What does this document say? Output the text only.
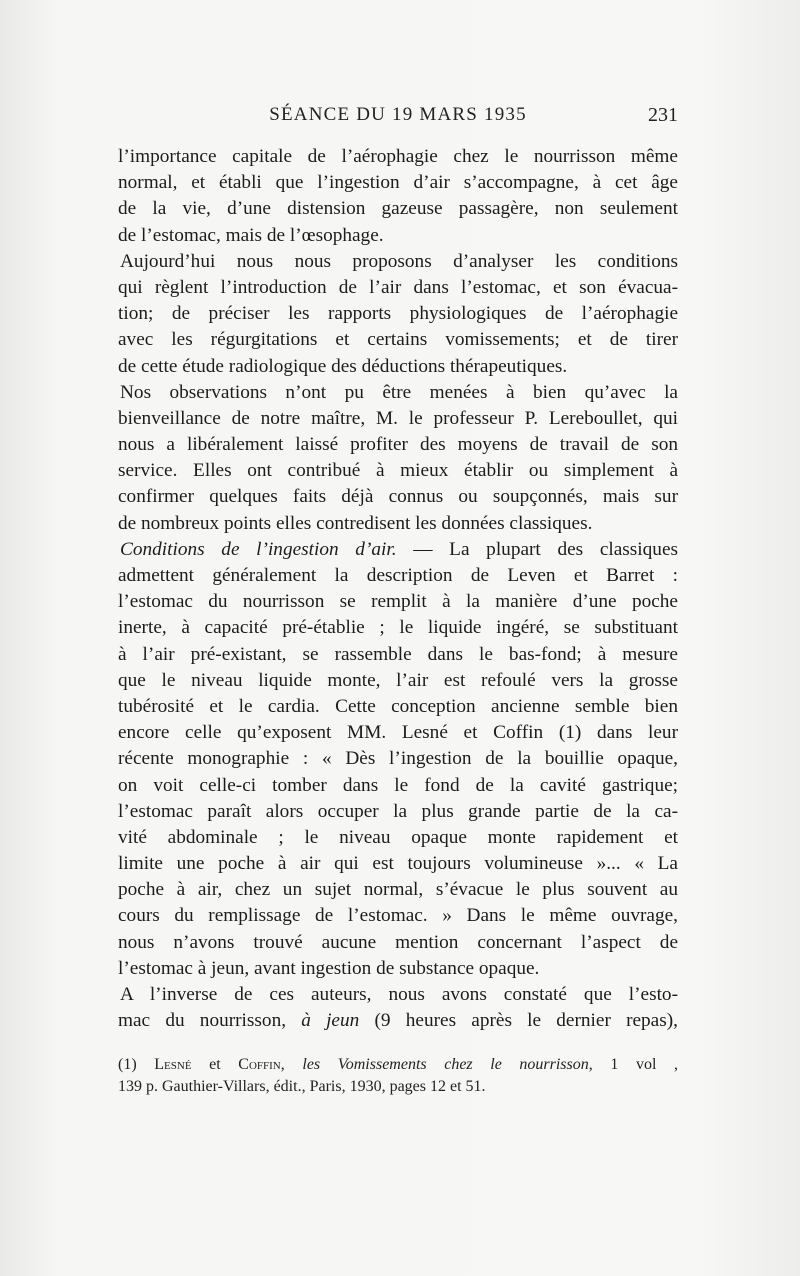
SÉANCE DU 19 MARS 1935	231
l’importance capitale de l’aérophagie chez le nourrisson même
normal, et établi que l’ingestion d’air s’accompagne, à cet âge
de la vie, d’une distension gazeuse passagère, non seulement
de l’estomac, mais de l’œsophage.
Aujourd’hui nous nous proposons d’analyser les conditions
qui règlent l’introduction de l’air dans l’estomac, et son évacua-
tion; de préciser les rapports physiologiques de l’aérophagie
avec les régurgitations et certains vomissements; et de tirer
de cette étude radiologique des déductions thérapeutiques.
Nos observations n’ont pu être menées à bien qu’avec la
bienveillance de notre maître, M. le professeur P. Lereboullet, qui
nous a libéralement laissé profiter des moyens de travail de son
service. Elles ont contribué à mieux établir ou simplement à
confirmer quelques faits déjà connus ou soupçonnés, mais sur
de nombreux points elles contredisent les données classiques.
Conditions de l’ingestion d’air. — La plupart des classiques
admettent généralement la description de Leven et Barret :
l’estomac du nourrisson se remplit à la manière d’une poche
inerte, à capacité pré-établie ; le liquide ingéré, se substituant
à l’air pré-existant, se rassemble dans le bas-fond; à mesure
que le niveau liquide monte, l’air est refoulé vers la grosse
tubérosité et le cardia. Cette conception ancienne semble bien
encore celle qu’exposent MM. Lesné et Coffin (1) dans leur
récente monographie : « Dès l’ingestion de la bouillie opaque,
on voit celle-ci tomber dans le fond de la cavité gastrique;
l’estomac paraît alors occuper la plus grande partie de la ca-
vité abdominale ; le niveau opaque monte rapidement et
limite une poche à air qui est toujours volumineuse »... « La
poche à air, chez un sujet normal, s’évacue le plus souvent au
cours du remplissage de l’estomac. » Dans le même ouvrage,
nous n’avons trouvé aucune mention concernant l’aspect de
l’estomac à jeun, avant ingestion de substance opaque.
A l’inverse de ces auteurs, nous avons constaté que l’esto-
mac du nourrisson, à jeun (9 heures après le dernier repas),
(1) Lesné et Coffin, les Vomissements chez le nourrisson, 1 vol ,
139 p. Gauthier-Villars, édit., Paris, 1930, pages 12 et 51.
